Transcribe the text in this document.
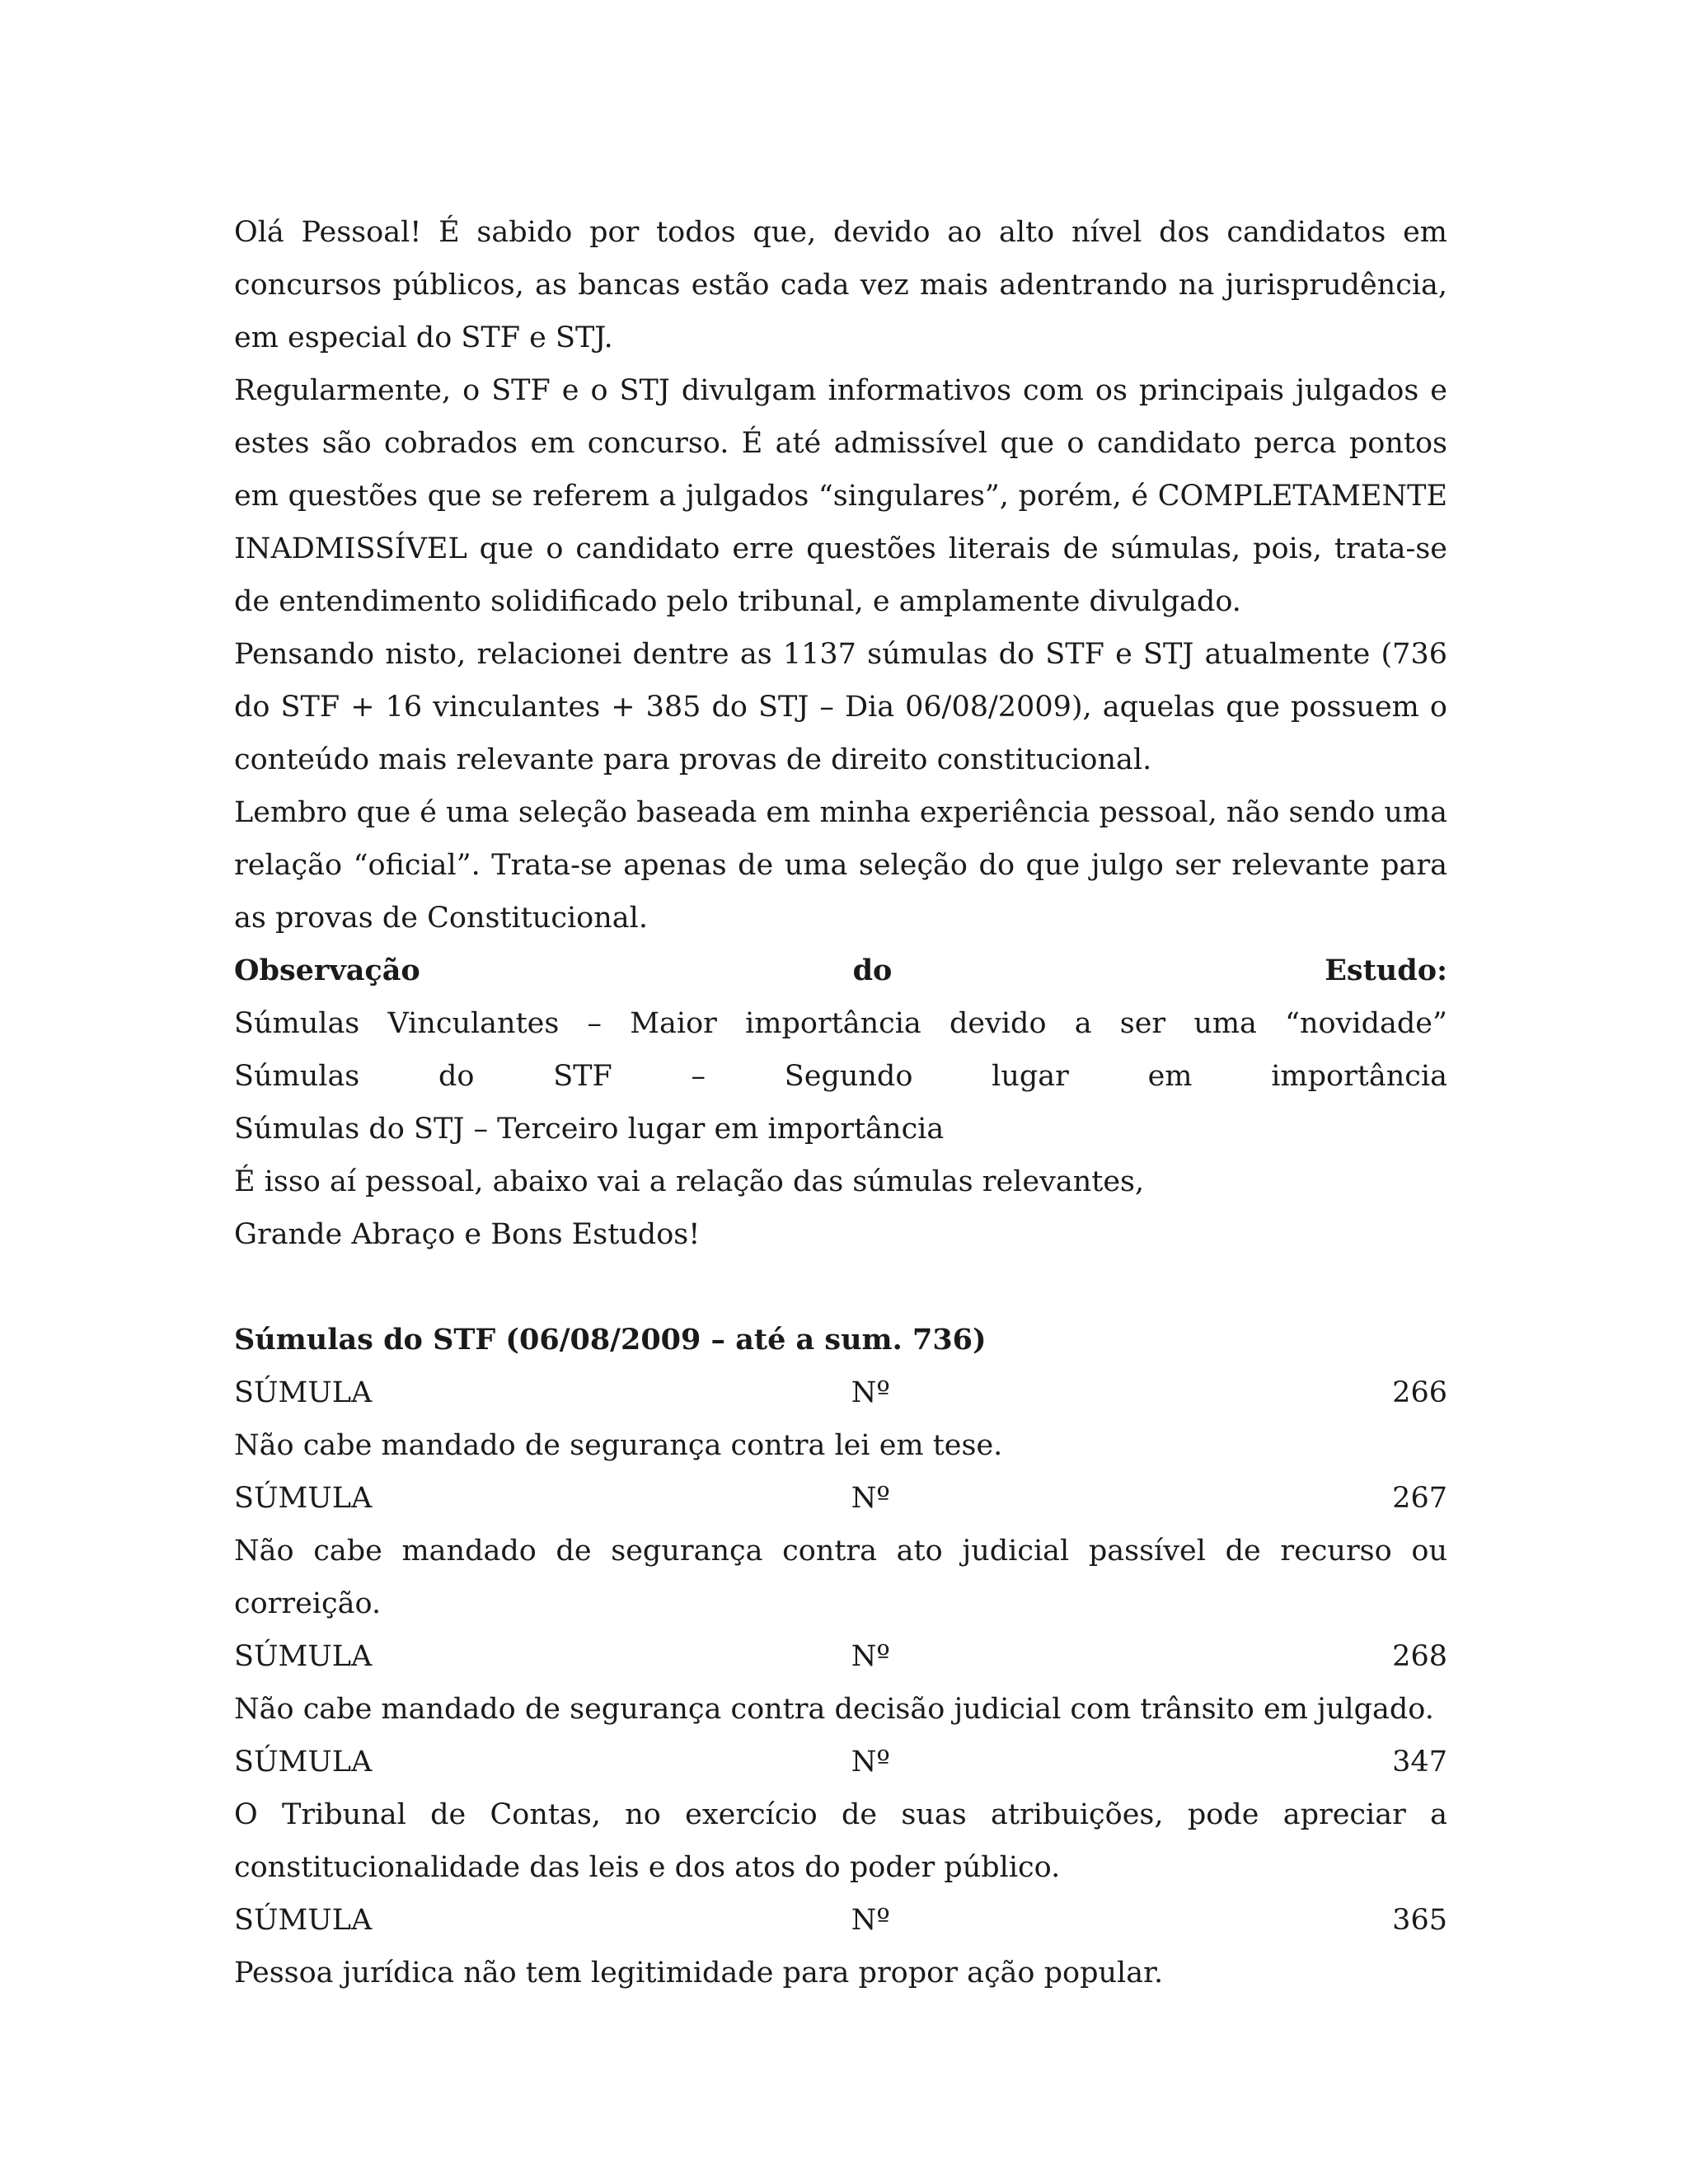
Olá Pessoal! É sabido por todos que, devido ao alto nível dos candidatos em concursos públicos, as bancas estão cada vez mais adentrando na jurisprudência, em especial do STF e STJ.

Regularmente, o STF e o STJ divulgam informativos com os principais julgados e estes são cobrados em concurso. É até admissível que o candidato perca pontos em questões que se referem a julgados “singulares”, porém, é COMPLETAMENTE INADMISSÍVEL que o candidato erre questões literais de súmulas, pois, trata-se de entendimento solidificado pelo tribunal, e amplamente divulgado.

Pensando nisto, relacionei dentre as 1137 súmulas do STF e STJ atualmente (736 do STF + 16 vinculantes + 385 do STJ – Dia 06/08/2009), aquelas que possuem o conteúdo mais relevante para provas de direito constitucional.

Lembro que é uma seleção baseada em minha experiência pessoal, não sendo uma relação “oficial”. Trata-se apenas de uma seleção do que julgo ser relevante para as provas de Constitucional.

Observação	do	Estudo:
Súmulas Vinculantes – Maior importância devido a ser uma “novidade”
Súmulas	do	STF	–	Segundo	lugar	em	importância

Súmulas do STJ – Terceiro lugar em importância

É isso aí pessoal, abaixo vai a relação das súmulas relevantes,

Grande Abraço e Bons Estudos!

Súmulas do STF (06/08/2009 – até a sum. 736)

SÚMULA	Nº	266

Não cabe mandado de segurança contra lei em tese.

SÚMULA	Nº	267

Não cabe mandado de segurança contra ato judicial passível de recurso ou correição.

SÚMULA	Nº	268

Não cabe mandado de segurança contra decisão judicial com trânsito em julgado.

SÚMULA	Nº	347

O Tribunal de Contas, no exercício de suas atribuições, pode apreciar a constitucionalidade das leis e dos atos do poder público.

SÚMULA	Nº	365

Pessoa jurídica não tem legitimidade para propor ação popular.
